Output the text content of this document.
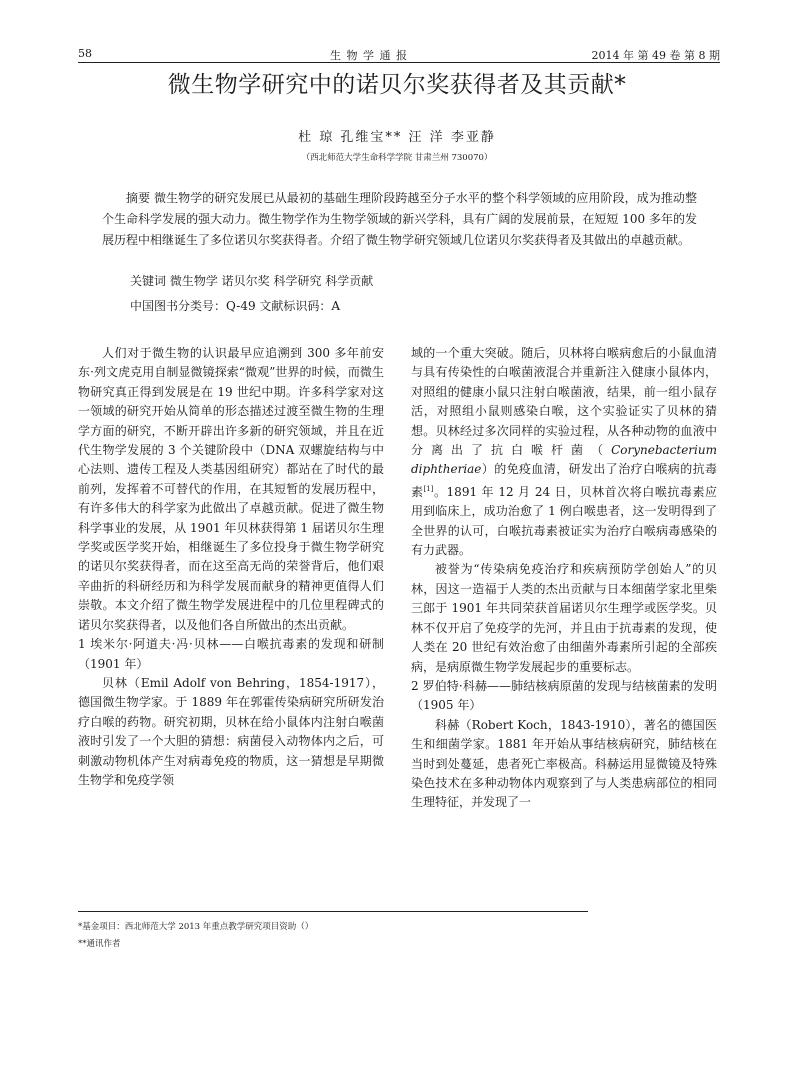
58	生 物 学 通 报	2014 年 第 49 卷 第 8 期
微生物学研究中的诺贝尔奖获得者及其贡献*
杜 琼 孔维宝** 汪 洋 李亚静
（西北师范大学生命科学学院 甘肃兰州 730070）

摘要 微生物学的研究发展已从最初的基础生理阶段跨越至分子水平的整个科学领域的应用阶段，成为推动整个生命科学发展的强大动力。微生物学作为生物学领域的新兴学科，具有广阔的发展前景，在短短 100 多年的发展历程中相继诞生了多位诺贝尔奖获得者。介绍了微生物学研究领域几位诺贝尔奖获得者及其做出的卓越贡献。

关键词 微生物学 诺贝尔奖 科学研究 科学贡献
中国图书分类号：Q-49 文献标识码：A

人们对于微生物的认识最早应追溯到 300 多年前安东·列文虎克用自制显微镜探索“微观”世界的时候，而微生物研究真正得到发展是在 19 世纪中期。许多科学家对这一领域的研究开始从简单的形态描述过渡至微生物的生理学方面的研究，不断开辟出许多新的研究领域，并且在近代生物学发展的 3 个关键阶段中（DNA 双螺旋结构与中心法则、遗传工程及人类基因组研究）都站在了时代的最前列，发挥着不可替代的作用，在其短暂的发展历程中，有许多伟大的科学家为此做出了卓越贡献。促进了微生物科学事业的发展，从 1901 年贝林获得第 1 届诺贝尔生理学奖或医学奖开始，相继诞生了多位投身于微生物学研究的诺贝尔奖获得者，而在这至高无尚的荣誉背后，他们艰辛曲折的科研经历和为科学发展而献身的精神更值得人们崇敬。本文介绍了微生物学发展进程中的几位里程碑式的诺贝尔奖获得者，以及他们各自所做出的杰出贡献。

1 埃米尔·阿道夫·冯·贝林——白喉抗毒素的发现和研制（1901 年）

贝林（Emil Adolf von Behring，1854-1917），德国微生物学家。于 1889 年在郭霍传染病研究所研发治疗白喉的药物。研究初期，贝林在给小鼠体内注射白喉菌液时引发了一个大胆的猜想：病菌侵入动物体内之后，可刺激动物机体产生对病毒免疫的物质，这一猜想是早期微生物学和免疫学领

域的一个重大突破。随后，贝林将白喉病愈后的小鼠血清与具有传染性的白喉菌液混合并重新注入健康小鼠体内，对照组的健康小鼠只注射白喉菌液，结果，前一组小鼠存活，对照组小鼠则感染白喉，这个实验证实了贝林的猜想。贝林经过多次同样的实验过程，从各种动物的血液中分离出了抗白喉杆菌（Corynebacterium diphtheriae）的免疫血清，研发出了治疗白喉病的抗毒素[1]。1891 年 12 月 24 日，贝林首次将白喉抗毒素应用到临床上，成功治愈了 1 例白喉患者，这一发明得到了全世界的认可，白喉抗毒素被证实为治疗白喉病毒感染的有力武器。

被誉为“传染病免疫治疗和疾病预防学创始人”的贝林，因这一造福于人类的杰出贡献与日本细菌学家北里柴三郎于 1901 年共同荣获首届诺贝尔生理学或医学奖。贝林不仅开启了免疫学的先河，并且由于抗毒素的发现，使人类在 20 世纪有效治愈了由细菌外毒素所引起的全部疾病，是病原微生物学发展起步的重要标志。

2 罗伯特·科赫——肺结核病原菌的发现与结核菌素的发明（1905 年）

科赫（Robert Koch，1843-1910），著名的德国医生和细菌学家。1881 年开始从事结核病研究，肺结核在当时到处蔓延，患者死亡率极高。科赫运用显微镜及特殊染色技术在多种动物体内观察到了与人类患病部位的相同生理特征，并发现了一

*基金项目：西北师范大学 2013 年重点教学研究项目资助（）
**通讯作者
